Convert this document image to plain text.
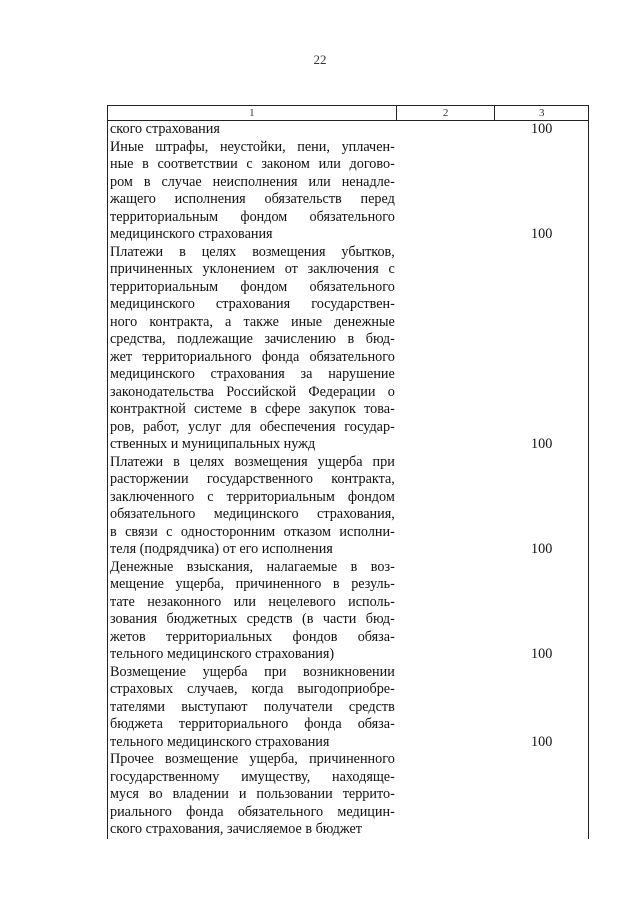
22
1	2	3
ского страхования	100
Иные штрафы, неустойки, пени, уплачен-
ные в соответствии с законом или догово-
ром в случае неисполнения или ненадле-
жащего исполнения обязательств перед
территориальным фондом обязательного
медицинского страхования	100
Платежи в целях возмещения убытков,
причиненных уклонением от заключения с
территориальным фондом обязательного
медицинского страхования государствен-
ного контракта, а также иные денежные
средства, подлежащие зачислению в бюд-
жет территориального фонда обязательного
медицинского страхования за нарушение
законодательства Российской Федерации о
контрактной системе в сфере закупок това-
ров, работ, услуг для обеспечения государ-
ственных и муниципальных нужд	100
Платежи в целях возмещения ущерба при
расторжении государственного контракта,
заключенного с территориальным фондом
обязательного медицинского страхования,
в связи с односторонним отказом исполни-
теля (подрядчика) от его исполнения	100
Денежные взыскания, налагаемые в воз-
мещение ущерба, причиненного в резуль-
тате незаконного или нецелевого исполь-
зования бюджетных средств (в части бюд-
жетов территориальных фондов обяза-
тельного медицинского страхования)	100
Возмещение ущерба при возникновении
страховых случаев, когда выгодоприобре-
тателями выступают получатели средств
бюджета территориального фонда обяза-
тельного медицинского страхования	100
Прочее возмещение ущерба, причиненного
государственному имуществу, находяще-
муся во владении и пользовании террито-
риального фонда обязательного медицин-
ского страхования, зачисляемое в бюджет
